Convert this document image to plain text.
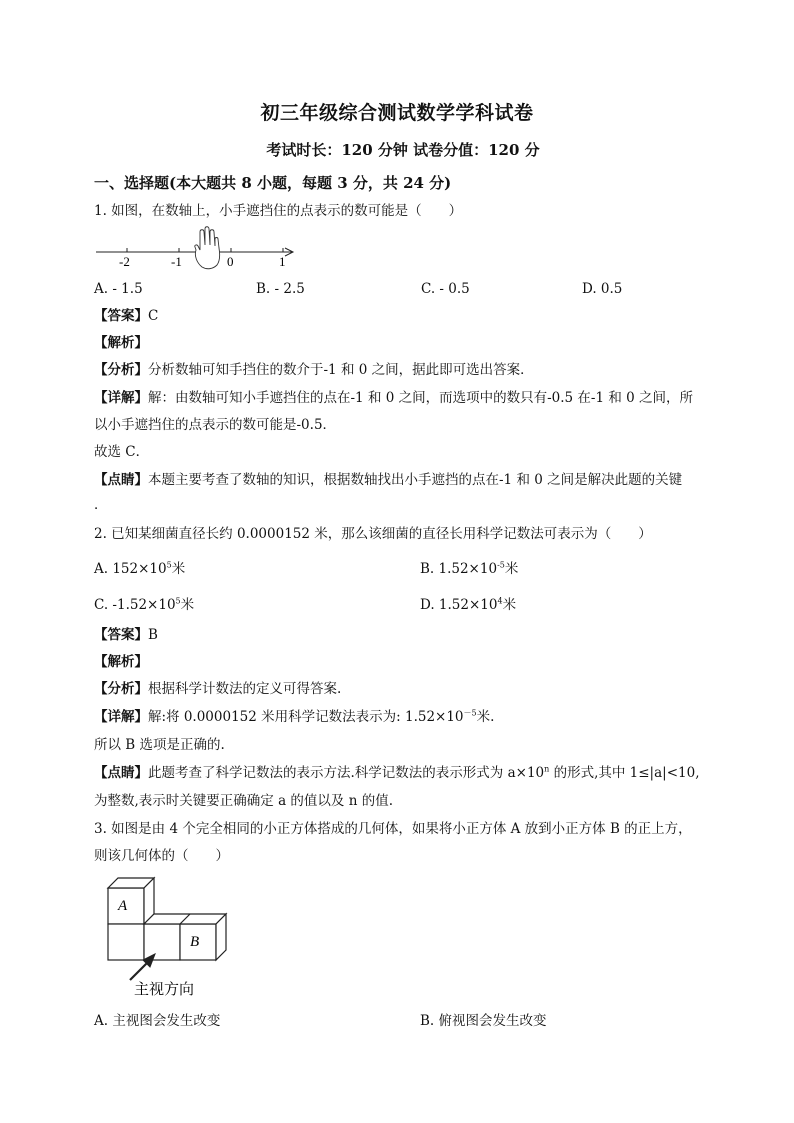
初三年级综合测试数学学科试卷
考试时长：120 分钟 试卷分值：120 分
一、选择题(本大题共 8 小题，每题 3 分，共 24 分)
1. 如图，在数轴上，小手遮挡住的点表示的数可能是（　　）
-2	-1	0	1
A. - 1.5	B. - 2.5	C. - 0.5	D. 0.5
【答案】C
【解析】
【分析】分析数轴可知手挡住的数介于-1 和 0 之间，据此即可选出答案．
【详解】解：由数轴可知小手遮挡住的点在-1 和 0 之间，而选项中的数只有-0.5 在-1 和 0 之间，所
以小手遮挡住的点表示的数可能是-0.5．
故选 C．
【点睛】本题主要考查了数轴的知识，根据数轴找出小手遮挡的点在-1 和 0 之间是解决此题的关键
．
2. 已知某细菌直径长约 0.0000152 米，那么该细菌的直径长用科学记数法可表示为（　　）
A. $152\times 10^5$米	B. $1.52\times 10^{-5}$米
C. $-1.52\times 10^5$米	D. $1.52\times 10^4$米
【答案】B
【解析】
【分析】根据科学计数法的定义可得答案.
【详解】解:将 0.0000152 米用科学记数法表示为: $1.52\times 10^{-5}$米.
所以 B 选项是正确的.
【点睛】此题考查了科学记数法的表示方法.科学记数法的表示形式为 $a\times 10^n$ 的形式,其中 1≤|a|<10,
为整数,表示时关键要正确确定 a 的值以及 n 的值.
3. 如图是由 4 个完全相同的小正方体搭成的几何体，如果将小正方体 A 放到小正方体 B 的正上方，
则该几何体的（　　）
A
B
主视方向
A. 主视图会发生改变	B. 俯视图会发生改变
